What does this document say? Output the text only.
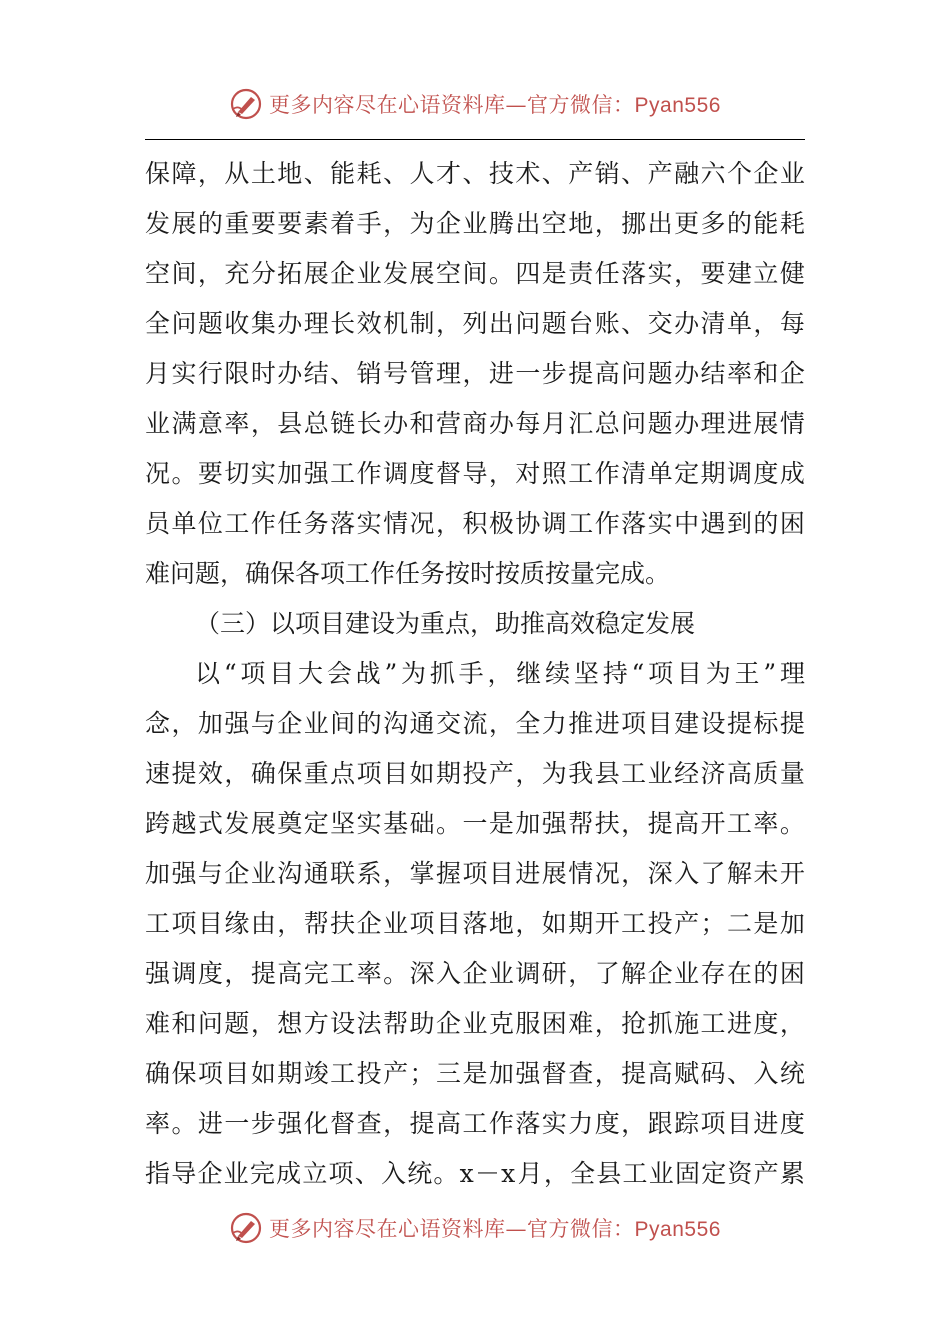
更多内容尽在心语资料库—官方微信：Pyan556
保 障 ， 从 土 地 、 能 耗 、 人 才 、 技 术 、 产 销 、 产 融 六 个 企 业
发 展 的 重 要 要 素 着 手 ， 为 企 业 腾 出 空 地 ， 挪 出 更 多 的 能 耗
空 间 ， 充 分 拓 展 企 业 发 展 空 间 。 四 是 责 任 落 实 ， 要 建 立 健
全 问 题 收 集 办 理 长 效 机 制 ， 列 出 问 题 台 账 、 交 办 清 单 ， 每
月 实 行 限 时 办 结 、 销 号 管 理 ， 进 一 步 提 高 问 题 办 结 率 和 企
业 满 意 率 ， 县 总 链 长 办 和 营 商 办 每 月 汇 总 问 题 办 理 进 展 情
况 。 要 切 实 加 强 工 作 调 度 督 导 ， 对 照 工 作 清 单 定 期 调 度 成
员 单 位 工 作 任 务 落 实 情 况 ， 积 极 协 调 工 作 落 实 中 遇 到 的 困
难问题，确保各项工作任务按时按质按量完成。
（三）以项目建设为重点，助推高效稳定发展
以 “ 项 目 大 会 战 ” 为 抓 手 ， 继 续 坚 持 “ 项 目 为 王 ” 理
念 ， 加 强 与 企 业 间 的 沟 通 交 流 ， 全 力 推 进 项 目 建 设 提 标 提
速 提 效 ， 确 保 重 点 项 目 如 期 投 产 ， 为 我 县 工 业 经 济 高 质 量
跨 越 式 发 展 奠 定 坚 实 基 础 。 一 是 加 强 帮 扶 ， 提 高 开 工 率 。
加 强 与 企 业 沟 通 联 系 ， 掌 握 项 目 进 展 情 况 ， 深 入 了 解 未 开
工 项 目 缘 由 ， 帮 扶 企 业 项 目 落 地 ， 如 期 开 工 投 产 ； 二 是 加
强 调 度 ， 提 高 完 工 率 。 深 入 企 业 调 研 ， 了 解 企 业 存 在 的 困
难 和 问 题 ， 想 方 设 法 帮 助 企 业 克 服 困 难 ， 抢 抓 施 工 进 度 ，
确 保 项 目 如 期 竣 工 投 产 ； 三 是 加 强 督 查 ， 提 高 赋 码 、 入 统
率 。 进 一 步 强 化 督 查 ， 提 高 工 作 落 实 力 度 ， 跟 踪 项 目 进 度
指 导 企 业 完 成 立 项 、 入 统 。 x － x 月 ， 全 县 工 业 固 定 资 产 累
更多内容尽在心语资料库—官方微信：Pyan556
